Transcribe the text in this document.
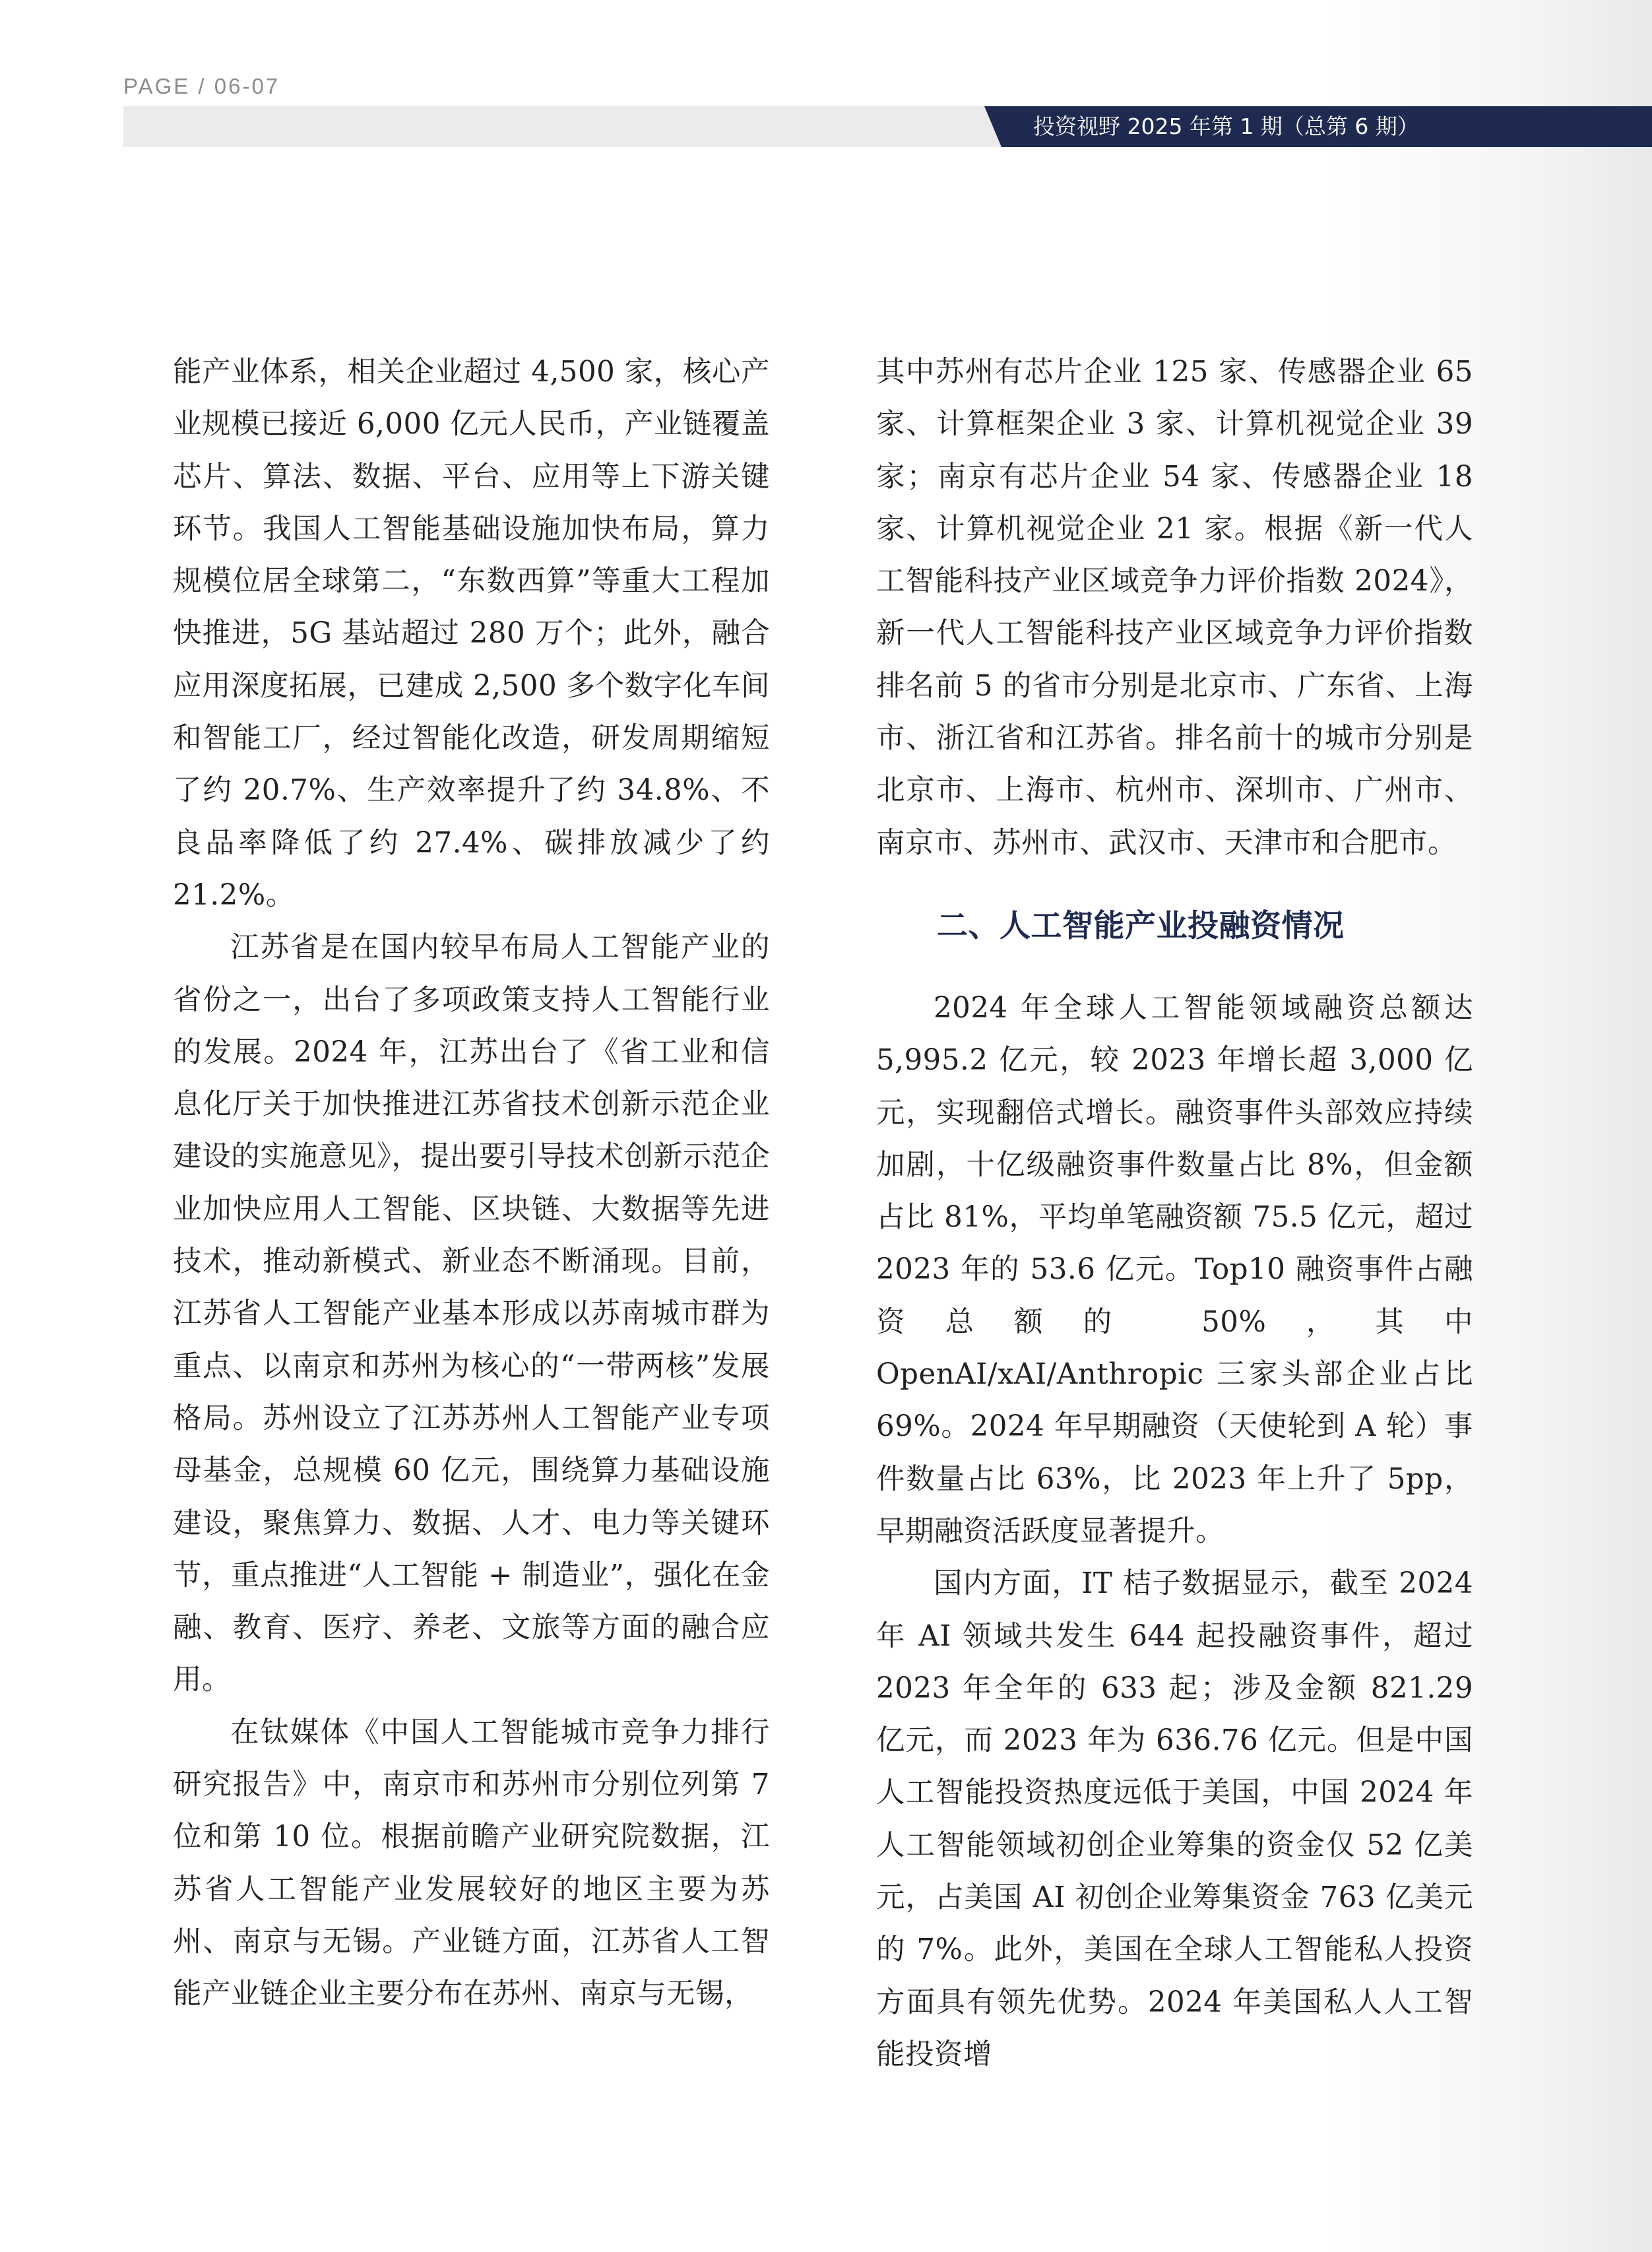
PAGE / 06-07
投资视野 2025 年第 1 期（总第 6 期）

能产业体系，相关企业超过 4,500 家，核心产业规模已接近 6,000 亿元人民币，产业链覆盖芯片、算法、数据、平台、应用等上下游关键环节。我国人工智能基础设施加快布局，算力规模位居全球第二，“东数西算”等重大工程加快推进，5G 基站超过 280 万个；此外，融合应用深度拓展，已建成 2,500 多个数字化车间和智能工厂，经过智能化改造，研发周期缩短了约 20.7%、生产效率提升了约 34.8%、不良品率降低了约 27.4%、碳排放减少了约 21.2%。

江苏省是在国内较早布局人工智能产业的省份之一，出台了多项政策支持人工智能行业的发展。2024 年，江苏出台了《省工业和信息化厅关于加快推进江苏省技术创新示范企业建设的实施意见》，提出要引导技术创新示范企业加快应用人工智能、区块链、大数据等先进技术，推动新模式、新业态不断涌现。目前，江苏省人工智能产业基本形成以苏南城市群为重点、以南京和苏州为核心的“一带两核”发展格局。苏州设立了江苏苏州人工智能产业专项母基金，总规模 60 亿元，围绕算力基础设施建设，聚焦算力、数据、人才、电力等关键环节，重点推进“人工智能 + 制造业”，强化在金融、教育、医疗、养老、文旅等方面的融合应用。

在钛媒体《中国人工智能城市竞争力排行研究报告》中，南京市和苏州市分别位列第 7 位和第 10 位。根据前瞻产业研究院数据，江苏省人工智能产业发展较好的地区主要为苏州、南京与无锡。产业链方面，江苏省人工智能产业链企业主要分布在苏州、南京与无锡，

其中苏州有芯片企业 125 家、传感器企业 65 家、计算框架企业 3 家、计算机视觉企业 39 家；南京有芯片企业 54 家、传感器企业 18 家、计算机视觉企业 21 家。根据《新一代人工智能科技产业区域竞争力评价指数 2024》，新一代人工智能科技产业区域竞争力评价指数排名前 5 的省市分别是北京市、广东省、上海市、浙江省和江苏省。排名前十的城市分别是北京市、上海市、杭州市、深圳市、广州市、南京市、苏州市、武汉市、天津市和合肥市。

二、人工智能产业投融资情况

2024 年全球人工智能领域融资总额达 5,995.2 亿元，较 2023 年增长超 3,000 亿元，实现翻倍式增长。融资事件头部效应持续加剧，十亿级融资事件数量占比 8%，但金额占比 81%，平均单笔融资额 75.5 亿元，超过 2023 年的 53.6 亿元。Top10 融资事件占融资总额的 50%，其中 OpenAI/xAI/Anthropic 三家头部企业占比 69%。2024 年早期融资（天使轮到 A 轮）事件数量占比 63%，比 2023 年上升了 5pp，早期融资活跃度显著提升。

国内方面，IT 桔子数据显示，截至 2024 年 AI 领域共发生 644 起投融资事件，超过 2023 年全年的 633 起；涉及金额 821.29 亿元，而 2023 年为 636.76 亿元。但是中国人工智能投资热度远低于美国，中国 2024 年人工智能领域初创企业筹集的资金仅 52 亿美元，占美国 AI 初创企业筹集资金 763 亿美元的 7%。此外，美国在全球人工智能私人投资方面具有领先优势。2024 年美国私人人工智能投资增
